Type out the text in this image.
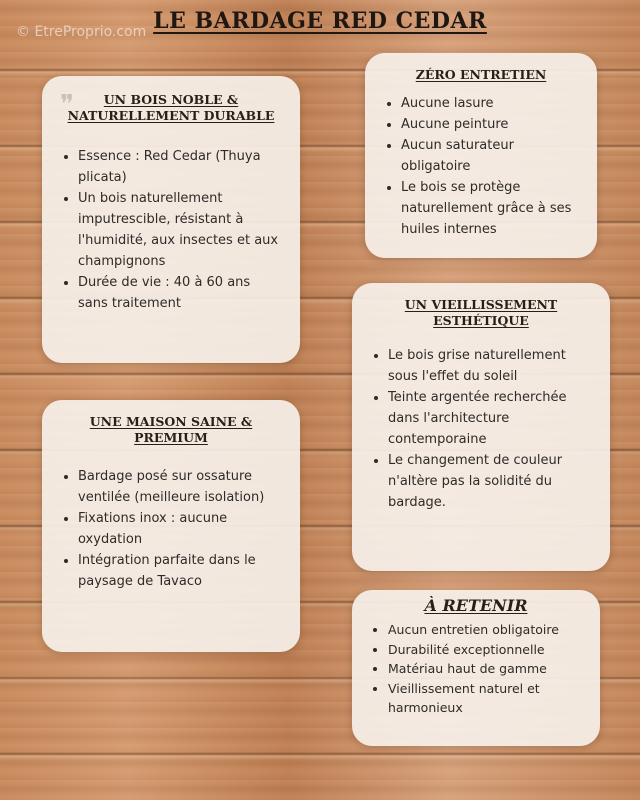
© EtreProprio.com LE BARDAGE RED CEDAR
❞	UN BOIS NOBLE & NATURELLEMENT DURABLE
• Essence : Red Cedar (Thuya plicata)
• Un bois naturellement imputrescible, résistant à l'humidité, aux insectes et aux champignons
• Durée de vie : 40 à 60 ans sans traitement
ZÉRO ENTRETIEN
• Aucune lasure
• Aucune peinture
• Aucun saturateur obligatoire
• Le bois se protège naturellement grâce à ses huiles internes
UN VIEILLISSEMENT ESTHÉTIQUE
• Le bois grise naturellement sous l'effet du soleil
• Teinte argentée recherchée dans l'architecture contemporaine
• Le changement de couleur n'altère pas la solidité du bardage.
UNE MAISON SAINE & PREMIUM
• Bardage posé sur ossature ventilée (meilleure isolation)
• Fixations inox : aucune oxydation
• Intégration parfaite dans le paysage de Tavaco
À RETENIR
• Aucun entretien obligatoire
• Durabilité exceptionnelle
• Matériau haut de gamme
• Vieillissement naturel et harmonieux
